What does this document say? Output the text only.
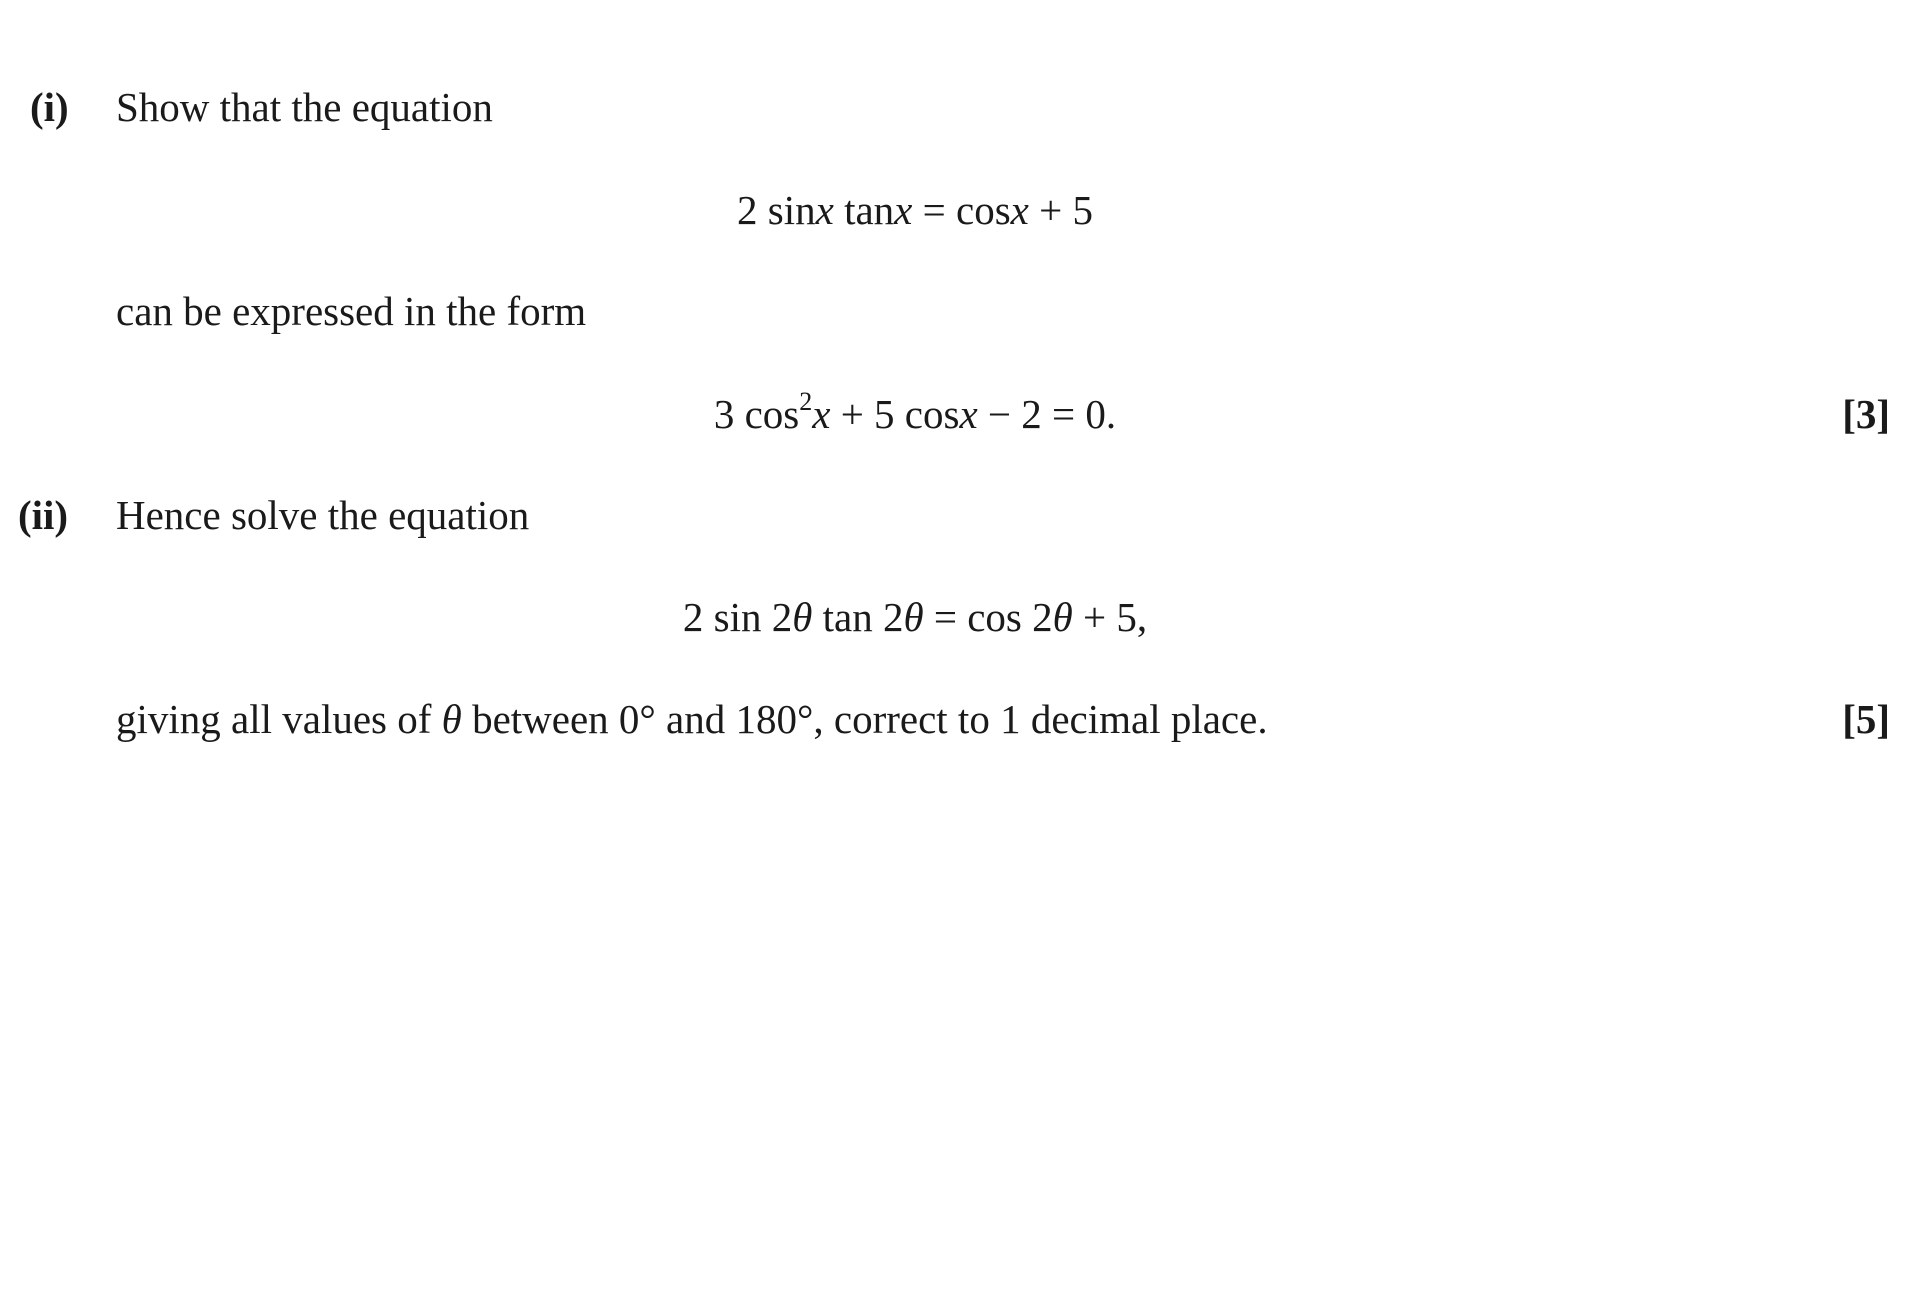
(i) Show that the equation
2 sinx tanx = cosx + 5
can be expressed in the form
3 $\cos^2x + 5$ cosx − 2 = 0.	[3]
(ii) Hence solve the equation
2 sin 2θ tan 2θ = cos 2θ + 5,
giving all values of θ between 0° and 180°, correct to 1 decimal place.	[5]
